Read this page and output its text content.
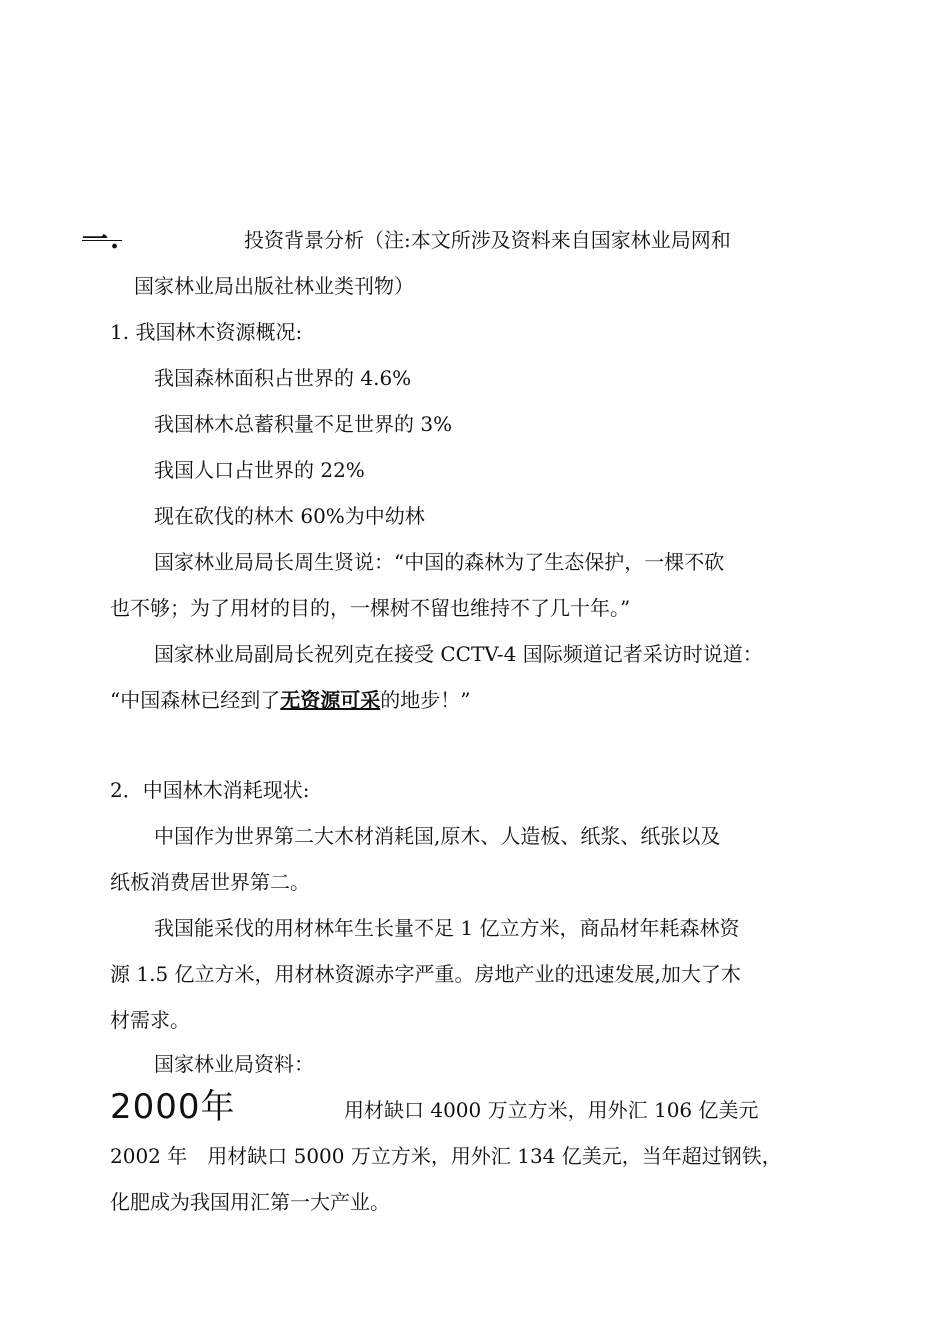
一.	投资背景分析（注:本文所涉及资料来自国家林业局网和
国家林业局出版社林业类刊物）
1. 我国林木资源概况:
我国森林面积占世界的 4.6%
我国林木总蓄积量不足世界的 3%
我国人口占世界的 22%
现在砍伐的林木 60%为中幼林
国家林业局局长周生贤说：“中国的森林为了生态保护，一棵不砍
也不够；为了用材的目的，一棵树不留也维持不了几十年。”
国家林业局副局长祝列克在接受 CCTV-4 国际频道记者采访时说道：
“中国森林已经到了无资源可采的地步！”
2．中国林木消耗现状:
中国作为世界第二大木材消耗国,原木、人造板、纸浆、纸张以及
纸板消费居世界第二。
我国能采伐的用材林年生长量不足 1 亿立方米，商品材年耗森林资
源 1.5 亿立方米，用材林资源赤字严重。房地产业的迅速发展,加大了木
材需求。
国家林业局资料：
2000年	用材缺口 4000 万立方米，用外汇 106 亿美元
2002 年　用材缺口 5000 万立方米，用外汇 134 亿美元，当年超过钢铁，
化肥成为我国用汇第一大产业。
